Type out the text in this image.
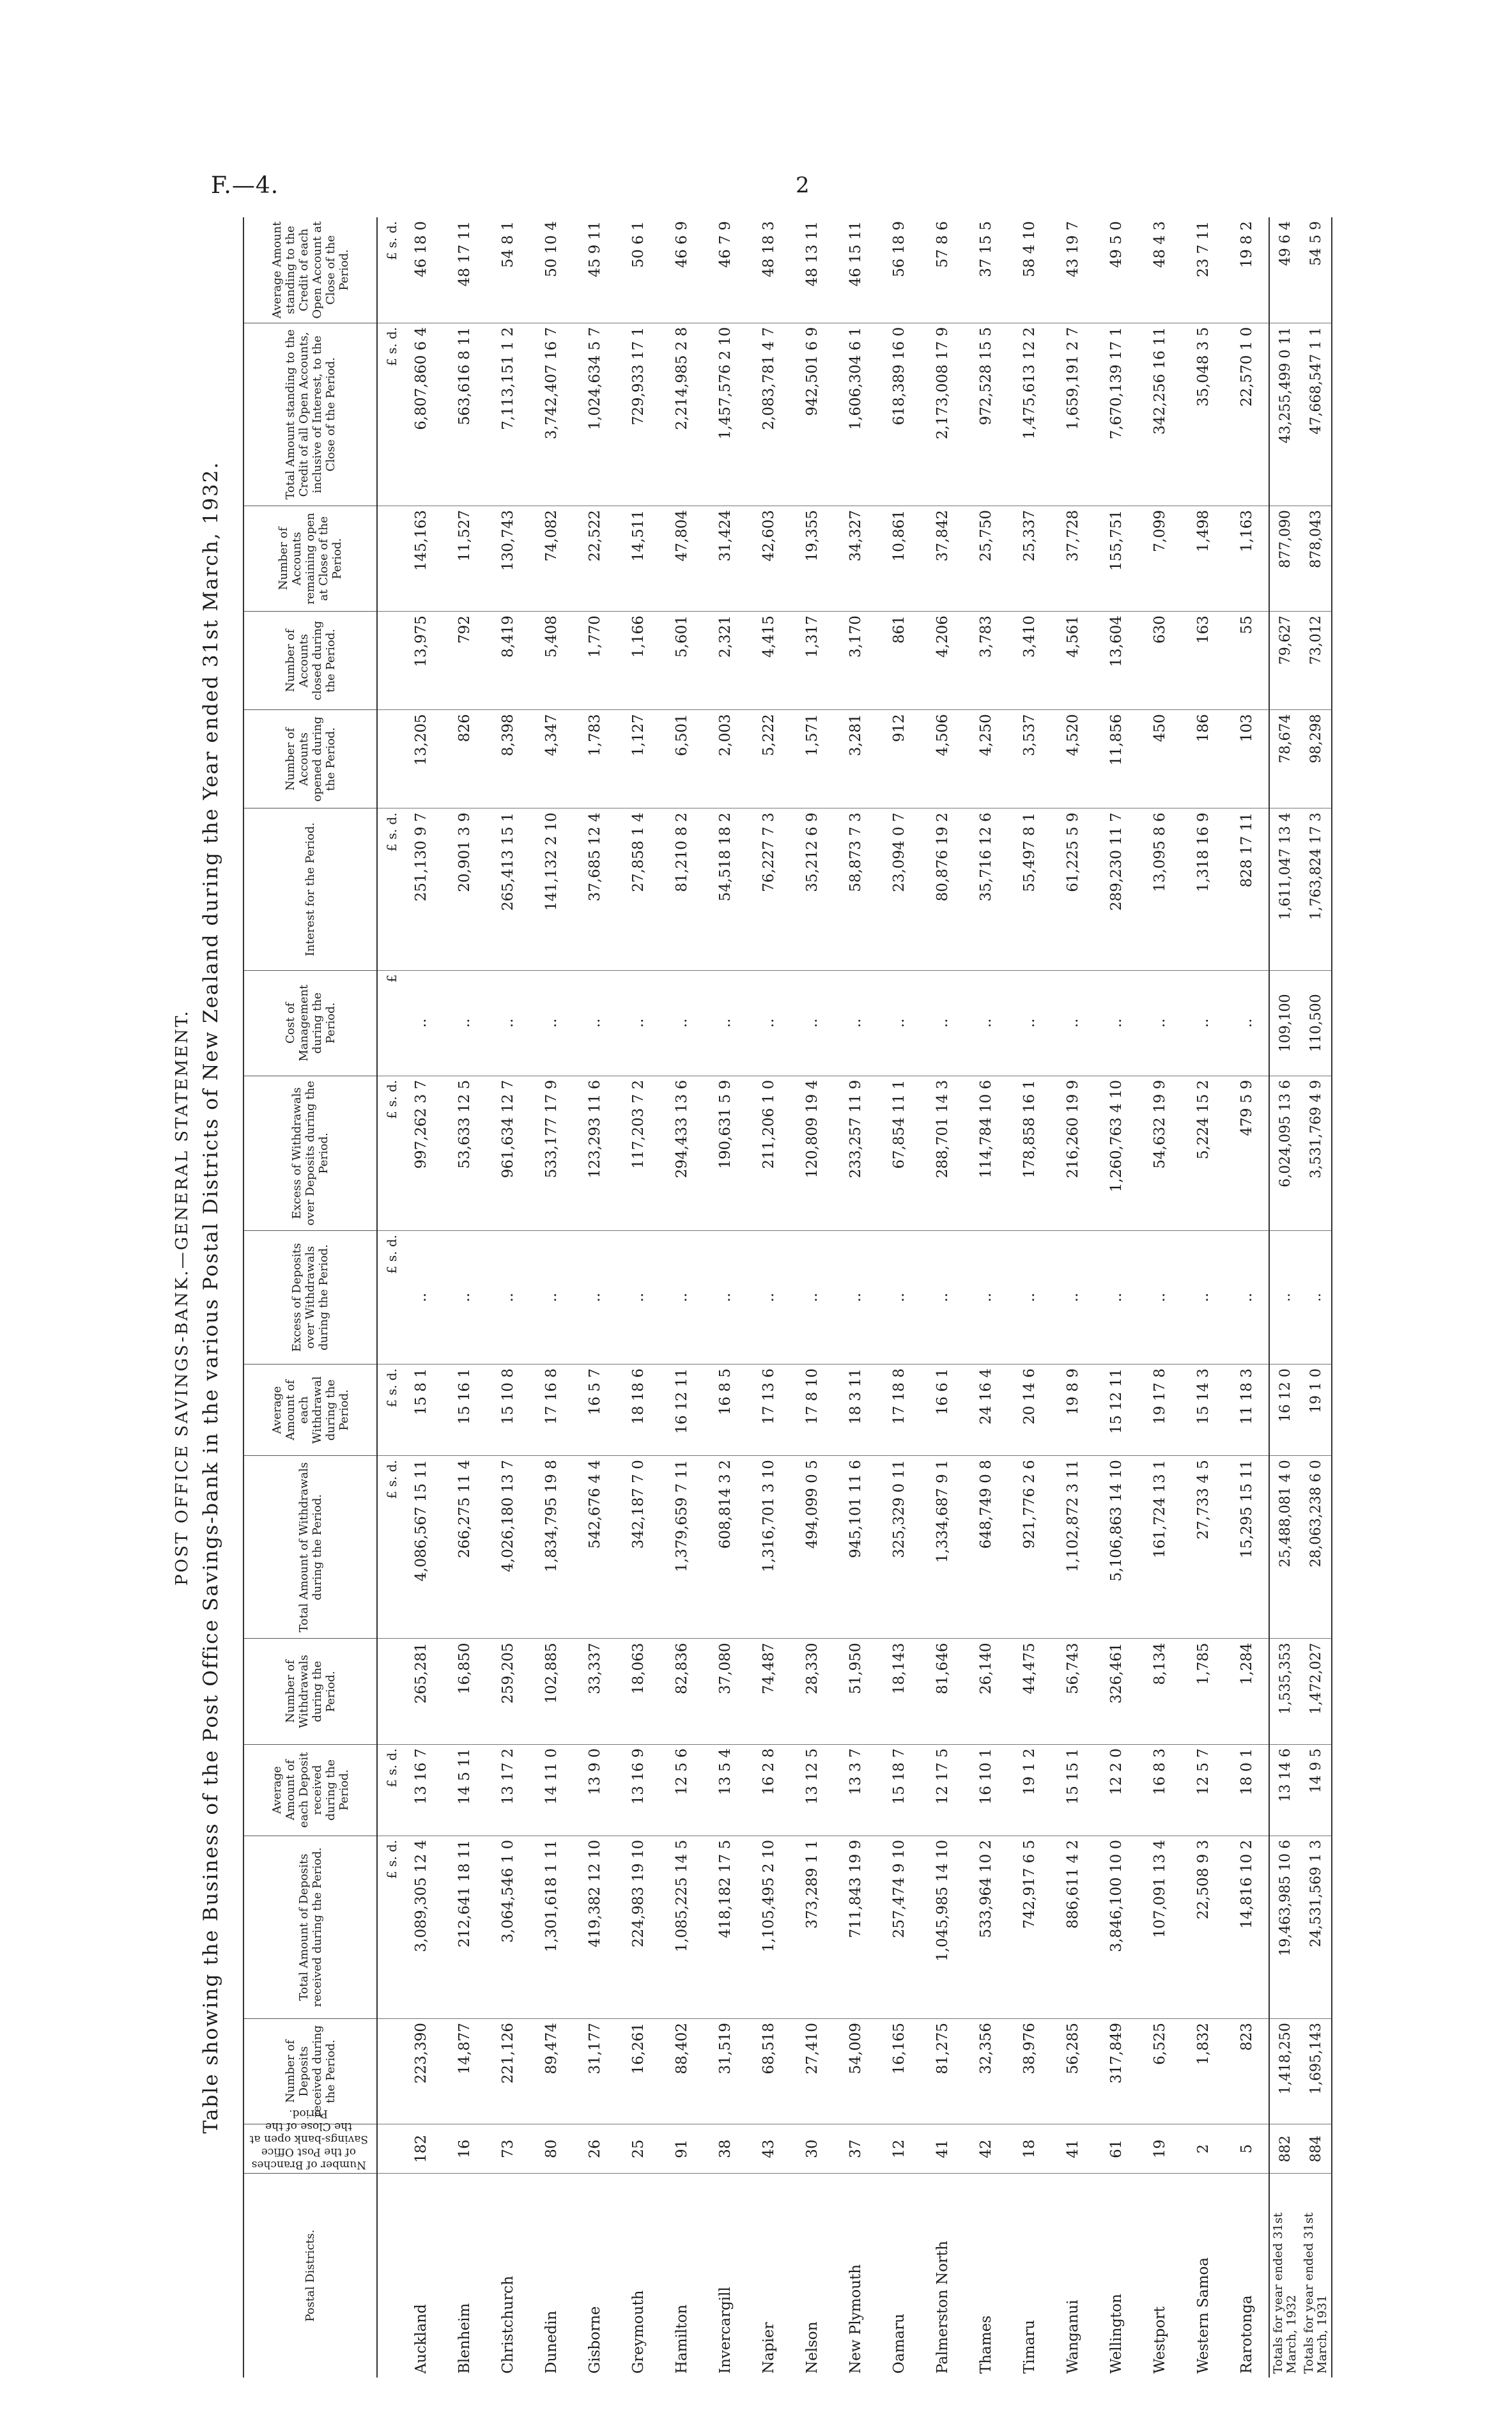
F.—4.	2
POST OFFICE SAVINGS-BANK.—GENERAL STATEMENT. Table showing the Business of the Post Office Savings-bank in the various Postal Districts of New Zealand during the Year ended 31st March, 1932.
Postal Districts.	Number of Branches of the Post Office Savings-bank open at the Close of the Period.	Number of Deposits received during the Period.	Total Amount of Deposits received during the Period.	Average Amount of each Deposit received during the Period.	Number of Withdrawals during the Period.	Total Amount of Withdrawals during the Period.	Average Amount of each Withdrawal during the Period.	Excess of Deposits over Withdrawals during the Period.	Excess of Withdrawals over Deposits during the Period.	Cost of Management during the Period.	Interest for the Period.	Number of Accounts opened during the Period.	Number of Accounts closed during the Period.	Number of Accounts remaining open at Close of the Period.	Total Amount standing to the Credit of all Open Accounts, inclusive of Interest, to the Close of the Period.	Average Amount standing to the Credit of each Open Account at Close of the Period.
			£ s. d.	£ s. d.		£ s. d.	£ s. d.	£ s. d.	£ s. d.	£	£ s. d.				£ s. d.	£ s. d.
Auckland	182	223,390	3,089,305 12 4	13 16 7	265,281	4,086,567 15 11	15 8 1	..	997,262 3 7	..	251,130 9 7	13,205	13,975	145,163	6,807,860 6 4	46 18 0
Blenheim	16	14,877	212,641 18 11	14 5 11	16,850	266,275 11 4	15 16 1	..	53,633 12 5	..	20,901 3 9	826	792	11,527	563,616 8 11	48 17 11
Christchurch	73	221,126	3,064,546 1 0	13 17 2	259,205	4,026,180 13 7	15 10 8	..	961,634 12 7	..	265,413 15 1	8,398	8,419	130,743	7,113,151 1 2	54 8 1
Dunedin	80	89,474	1,301,618 1 11	14 11 0	102,885	1,834,795 19 8	17 16 8	..	533,177 17 9	..	141,132 2 10	4,347	5,408	74,082	3,742,407 16 7	50 10 4
Gisborne	26	31,177	419,382 12 10	13 9 0	33,337	542,676 4 4	16 5 7	..	123,293 11 6	..	37,685 12 4	1,783	1,770	22,522	1,024,634 5 7	45 9 11
Greymouth	25	16,261	224,983 19 10	13 16 9	18,063	342,187 7 0	18 18 6	..	117,203 7 2	..	27,858 1 4	1,127	1,166	14,511	729,933 17 1	50 6 1
Hamilton	91	88,402	1,085,225 14 5	12 5 6	82,836	1,379,659 7 11	16 12 11	..	294,433 13 6	..	81,210 8 2	6,501	5,601	47,804	2,214,985 2 8	46 6 9
Invercargill	38	31,519	418,182 17 5	13 5 4	37,080	608,814 3 2	16 8 5	..	190,631 5 9	..	54,518 18 2	2,003	2,321	31,424	1,457,576 2 10	46 7 9
Napier	43	68,518	1,105,495 2 10	16 2 8	74,487	1,316,701 3 10	17 13 6	..	211,206 1 0	..	76,227 7 3	5,222	4,415	42,603	2,083,781 4 7	48 18 3
Nelson	30	27,410	373,289 1 1	13 12 5	28,330	494,099 0 5	17 8 10	..	120,809 19 4	..	35,212 6 9	1,571	1,317	19,355	942,501 6 9	48 13 11
New Plymouth	37	54,009	711,843 19 9	13 3 7	51,950	945,101 11 6	18 3 11	..	233,257 11 9	..	58,873 7 3	3,281	3,170	34,327	1,606,304 6 1	46 15 11
Oamaru	12	16,165	257,474 9 10	15 18 7	18,143	325,329 0 11	17 18 8	..	67,854 11 1	..	23,094 0 7	912	861	10,861	618,389 16 0	56 18 9
Palmerston North	41	81,275	1,045,985 14 10	12 17 5	81,646	1,334,687 9 1	16 6 1	..	288,701 14 3	..	80,876 19 2	4,506	4,206	37,842	2,173,008 17 9	57 8 6
Thames	42	32,356	533,964 10 2	16 10 1	26,140	648,749 0 8	24 16 4	..	114,784 10 6	..	35,716 12 6	4,250	3,783	25,750	972,528 15 5	37 15 5
Timaru	18	38,976	742,917 6 5	19 1 2	44,475	921,776 2 6	20 14 6	..	178,858 16 1	..	55,497 8 1	3,537	3,410	25,337	1,475,613 12 2	58 4 10
Wanganui	41	56,285	886,611 4 2	15 15 1	56,743	1,102,872 3 11	19 8 9	..	216,260 19 9	..	61,225 5 9	4,520	4,561	37,728	1,659,191 2 7	43 19 7
Wellington	61	317,849	3,846,100 10 0	12 2 0	326,461	5,106,863 14 10	15 12 11	..	1,260,763 4 10	..	289,230 11 7	11,856	13,604	155,751	7,670,139 17 1	49 5 0
Westport	19	6,525	107,091 13 4	16 8 3	8,134	161,724 13 1	19 17 8	..	54,632 19 9	..	13,095 8 6	450	630	7,099	342,256 16 11	48 4 3
Western Samoa	2	1,832	22,508 9 3	12 5 7	1,785	27,733 4 5	15 14 3	..	5,224 15 2	..	1,318 16 9	186	163	1,498	35,048 3 5	23 7 11
Rarotonga	5	823	14,816 10 2	18 0 1	1,284	15,295 15 11	11 18 3	..	479 5 9	..	828 17 11	103	55	1,163	22,570 1 0	19 8 2
Totals for year ended 31st March, 1932	882	1,418,250	19,463,985 10 6	13 14 6	1,535,353	25,488,081 4 0	16 12 0	..	6,024,095 13 6	109,100	1,611,047 13 4	78,674	79,627	877,090	43,255,499 0 11	49 6 4
Totals for year ended 31st March, 1931	884	1,695,143	24,531,569 1 3	14 9 5	1,472,027	28,063,238 6 0	19 1 0	..	3,531,769 4 9	110,500	1,763,824 17 3	98,298	73,012	878,043	47,668,547 1 1	54 5 9
